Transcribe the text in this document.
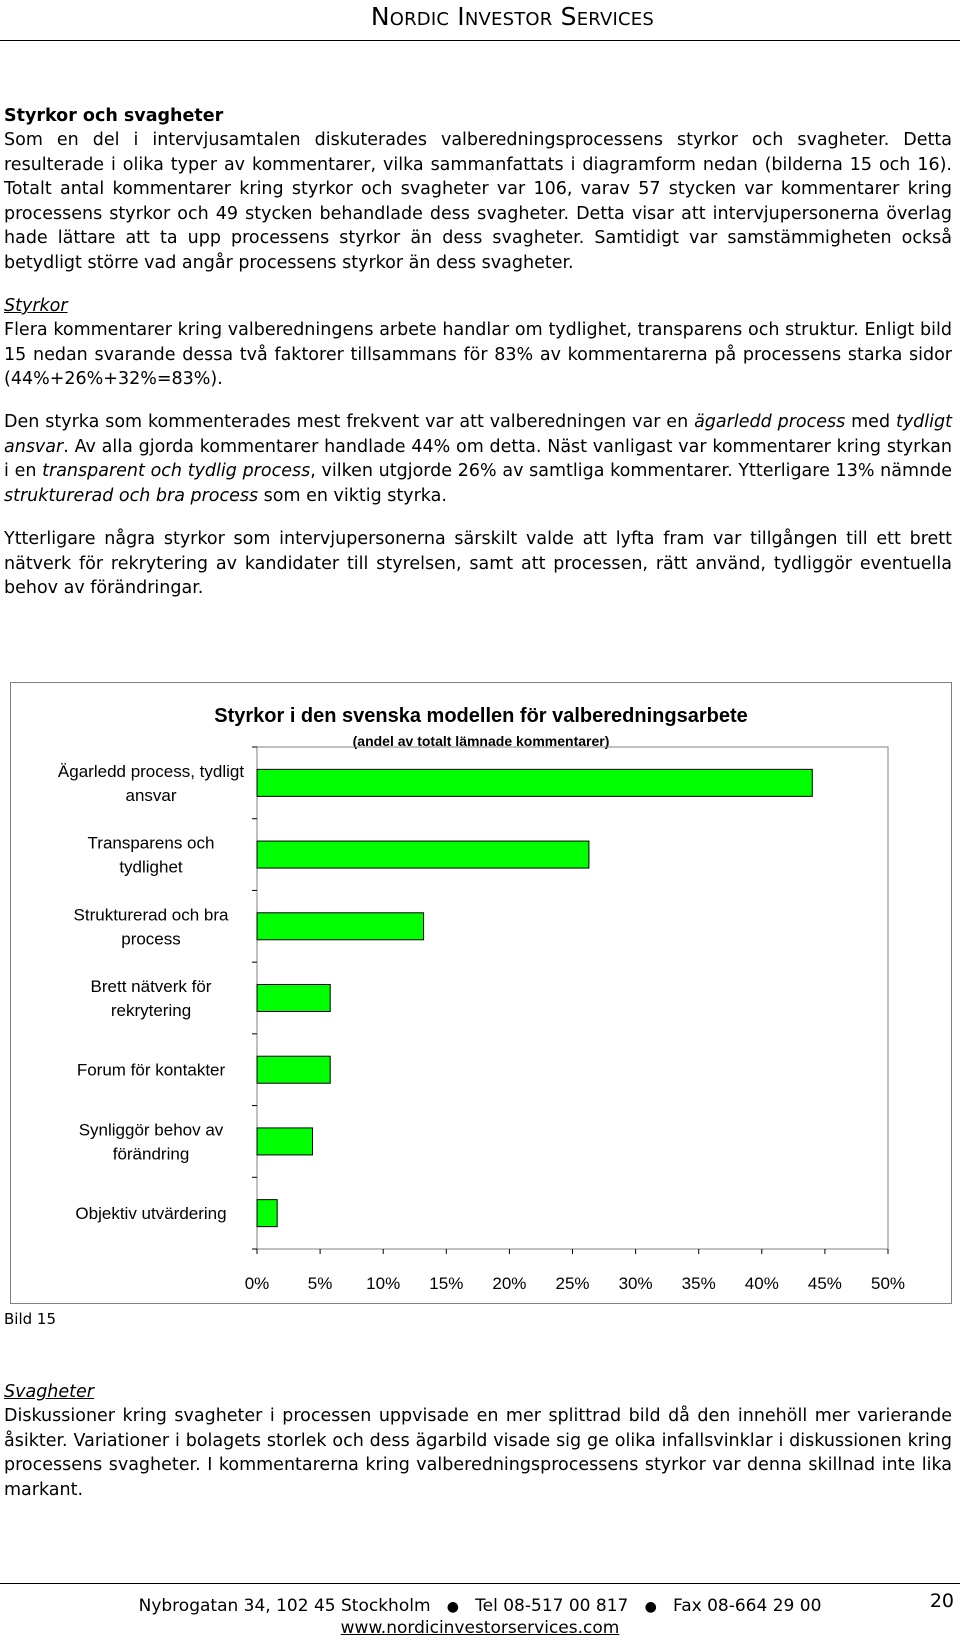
Nordic Investor Services
Styrkor och svagheter
Som en del i intervjusamtalen diskuterades valberedningsprocessens styrkor och svagheter. Detta resulterade i olika typer av kommentarer, vilka sammanfattats i diagramform nedan (bilderna 15 och 16). Totalt antal kommentarer kring styrkor och svagheter var 106, varav 57 stycken var kommentarer kring processens styrkor och 49 stycken behandlade dess svagheter. Detta visar att intervjupersonerna överlag hade lättare att ta upp processens styrkor än dess svagheter. Samtidigt var samstämmigheten också betydligt större vad angår processens styrkor än dess svagheter.
Styrkor
Flera kommentarer kring valberedningens arbete handlar om tydlighet, transparens och struktur. Enligt bild 15 nedan svarande dessa två faktorer tillsammans för 83% av kommentarerna på processens starka sidor (44%+26%+32%=83%).
Den styrka som kommenterades mest frekvent var att valberedningen var en ägarledd process med tydligt ansvar. Av alla gjorda kommentarer handlade 44% om detta. Näst vanligast var kommentarer kring styrkan i en transparent och tydlig process, vilken utgjorde 26% av samtliga kommentarer. Ytterligare 13% nämnde strukturerad och bra process som en viktig styrka.
Ytterligare några styrkor som intervjupersonerna särskilt valde att lyfta fram var tillgången till ett brett nätverk för rekrytering av kandidater till styrelsen, samt att processen, rätt använd, tydliggör eventuella behov av förändringar.
Styrkor i den svenska modellen för valberedningsarbete
(andel av totalt lämnade kommentarer)
Ägarledd process, tydligt
ansvar
Transparens och
tydlighet
Strukturerad och bra
process
Brett nätverk för
rekrytering
Forum för kontakter
Synliggör behov av
förändring
Objektiv utvärdering
0% 5% 10% 15% 20% 25% 30% 35% 40% 45% 50%
Bild 15
Svagheter
Diskussioner kring svagheter i processen uppvisade en mer splittrad bild då den innehöll mer varierande åsikter. Variationer i bolagets storlek och dess ägarbild visade sig ge olika infallsvinklar i diskussionen kring processens svagheter. I kommentarerna kring valberedningsprocessens styrkor var denna skillnad inte lika markant.
Nybrogatan 34, 102 45 Stockholm ● Tel 08-517 00 817 ● Fax 08-664 29 00
www.nordicinvestorservices.com
20
